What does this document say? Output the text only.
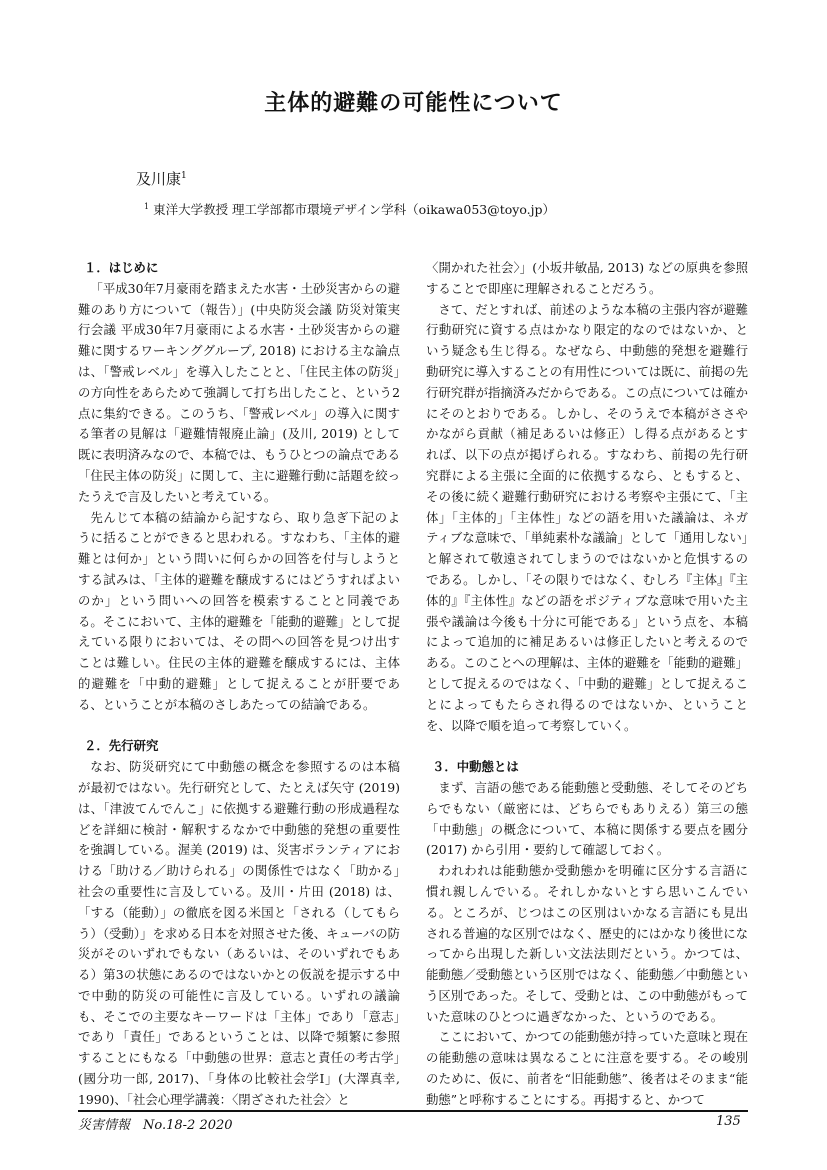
主体的避難の可能性について
及川康$^1$
$^1$ 東洋大学教授 理工学部都市環境デザイン学科（oikawa053@toyo.jp）
１．はじめに

「平成30年7月豪雨を踏まえた水害・土砂災害からの避難のあり方について（報告）」(中央防災会議 防災対策実行会議 平成30年7月豪雨による水害・土砂災害からの避難に関するワーキンググループ, 2018) における主な論点は、「警戒レベル」を導入したことと、「住民主体の防災」の方向性をあらためて強調して打ち出したこと、という2点に集約できる。このうち、「警戒レベル」の導入に関する筆者の見解は「避難情報廃止論」(及川, 2019) として既に表明済みなので、本稿では、もうひとつの論点である「住民主体の防災」に関して、主に避難行動に話題を絞ったうえで言及したいと考えている。

先んじて本稿の結論から記すなら、取り急ぎ下記のように括ることができると思われる。すなわち、「主体的避難とは何か」という問いに何らかの回答を付与しようとする試みは、「主体的避難を醸成するにはどうすればよいのか」という問いへの回答を模索することと同義である。そこにおいて、主体的避難を「能動的避難」として捉えている限りにおいては、その問への回答を見つけ出すことは難しい。住民の主体的避難を醸成するには、主体的避難を「中動的避難」として捉えることが肝要である、ということが本稿のさしあたっての結論である。

２．先行研究

なお、防災研究にて中動態の概念を参照するのは本稿が最初ではない。先行研究として、たとえば矢守 (2019) は、「津波てんでんこ」に依拠する避難行動の形成過程などを詳細に検討・解釈するなかで中動態的発想の重要性を強調している。渥美 (2019) は、災害ボランティアにおける「助ける／助けられる」の関係性ではなく「助かる」社会の重要性に言及している。及川・片田 (2018) は、「する（能動）」の徹底を図る米国と「される（してもらう）（受動）」を求める日本を対照させた後、キューバの防災がそのいずれでもない（あるいは、そのいずれでもある）第3の状態にあるのではないかとの仮説を提示する中で中動的防災の可能性に言及している。いずれの議論も、そこでの主要なキーワードは「主体」であり「意志」であり「責任」であるということは、以降で頻繁に参照することにもなる「中動態の世界：意志と責任の考古学」(國分功一郎, 2017)、「身体の比較社会学I」(大澤真幸, 1990)、「社会心理学講義：〈閉ざされた社会〉と

〈開かれた社会〉」(小坂井敏晶, 2013) などの原典を参照することで即座に理解されることだろう。

さて、だとすれば、前述のような本稿の主張内容が避難行動研究に資する点はかなり限定的なのではないか、という疑念も生じ得る。なぜなら、中動態的発想を避難行動研究に導入することの有用性については既に、前掲の先行研究群が指摘済みだからである。この点については確かにそのとおりである。しかし、そのうえで本稿がささやかながら貢献（補足あるいは修正）し得る点があるとすれば、以下の点が掲げられる。すなわち、前掲の先行研究群による主張に全面的に依拠するなら、ともすると、その後に続く避難行動研究における考察や主張にて、「主体」「主体的」「主体性」などの語を用いた議論は、ネガティブな意味で、「単純素朴な議論」として「通用しない」と解されて敬遠されてしまうのではないかと危惧するのである。しかし、「その限りではなく、むしろ『主体』『主体的』『主体性』などの語をポジティブな意味で用いた主張や議論は今後も十分に可能である」という点を、本稿によって追加的に補足あるいは修正したいと考えるのである。このことへの理解は、主体的避難を「能動的避難」として捉えるのではなく、「中動的避難」として捉えることによってもたらされ得るのではないか、ということを、以降で順を追って考察していく。

３．中動態とは

まず、言語の態である能動態と受動態、そしてそのどちらでもない（厳密には、どちらでもありえる）第三の態「中動態」の概念について、本稿に関係する要点を國分 (2017) から引用・要約して確認しておく。

われわれは能動態か受動態かを明確に区分する言語に慣れ親しんでいる。それしかないとすら思いこんでいる。ところが、じつはこの区別はいかなる言語にも見出される普遍的な区別ではなく、歴史的にはかなり後世になってから出現した新しい文法法則だという。かつては、能動態／受動態という区別ではなく、能動態／中動態という区別であった。そして、受動とは、この中動態がもっていた意味のひとつに過ぎなかった、というのである。

ここにおいて、かつての能動態が持っていた意味と現在の能動態の意味は異なることに注意を要する。その峻別のために、仮に、前者を“旧能動態”、後者はそのまま“能動態”と呼称することにする。再掲すると、かつて

災害情報　No.18-2 2020	135
